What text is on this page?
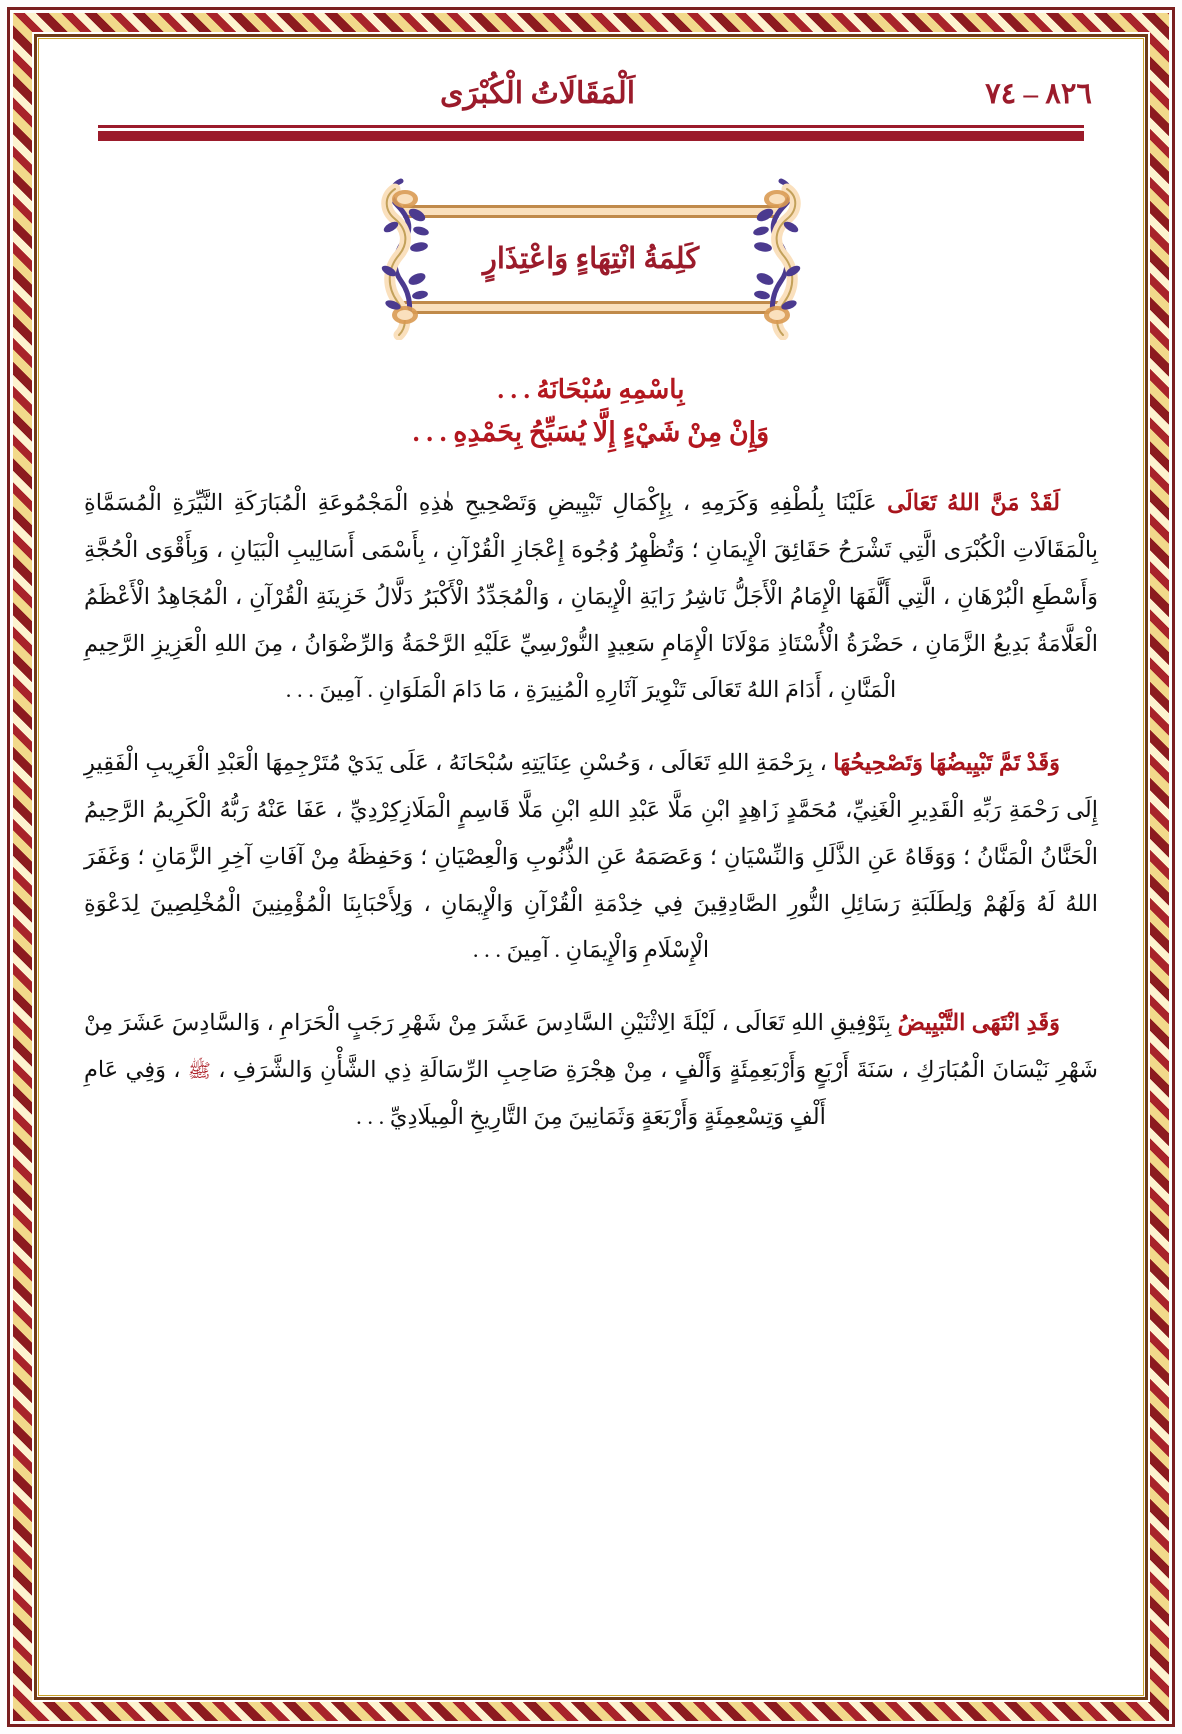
٨٢٦ – ٧٤
اَلْمَقَالَاتُ الْكُبْرَى
كَلِمَةُ انْتِهَاءٍ وَاعْتِذَارٍ
بِاسْمِهِ سُبْحَانَهُ . . .
وَإِنْ مِنْ شَيْءٍ إِلَّا يُسَبِّحُ بِحَمْدِهِ . . .

لَقَدْ مَنَّ اللهُ تَعَالَى عَلَيْنَا بِلُطْفِهِ وَكَرَمِهِ ، بِإِكْمَالِ تَبْيِيضِ وَتَصْحِيحِ هٰذِهِ الْمَجْمُوعَةِ الْمُبَارَكَةِ النَّيِّرَةِ الْمُسَمَّاةِ بِالْمَقَالَاتِ الْكُبْرَى الَّتِي تَشْرَحُ حَقَائِقَ الْإِيمَانِ ؛ وَتُظْهِرُ وُجُوهَ إِعْجَازِ الْقُرْآنِ ، بِأَسْمَى أَسَالِيبِ الْبَيَانِ ، وَبِأَقْوَى الْحُجَّةِ وَأَسْطَعِ الْبُرْهَانِ ، الَّتِي أَلَّفَهَا الْإِمَامُ الْأَجَلُّ نَاشِرُ رَايَةِ الْإِيمَانِ ، وَالْمُجَدِّدُ الْأَكْبَرُ دَلَّالُ خَزِينَةِ الْقُرْآنِ ، الْمُجَاهِدُ الْأَعْظَمُ الْعَلَّامَةُ بَدِيعُ الزَّمَانِ ، حَضْرَةُ الْأُسْتَاذِ مَوْلَانَا الْإِمَامِ سَعِيدٍ النُّورْسِيِّ عَلَيْهِ الرَّحْمَةُ وَالرِّضْوَانُ ، مِنَ اللهِ الْعَزِيزِ الرَّحِيمِ الْمَنَّانِ ، أَدَامَ اللهُ تَعَالَى تَنْوِيرَ آثَارِهِ الْمُنِيرَةِ ، مَا دَامَ الْمَلَوَانِ . آمِينَ . . .

وَقَدْ تَمَّ تَبْيِيضُهَا وَتَصْحِيحُهَا ، بِرَحْمَةِ اللهِ تَعَالَى ، وَحُسْنِ عِنَايَتِهِ سُبْحَانَهُ ، عَلَى يَدَيْ مُتَرْجِمِهَا الْعَبْدِ الْغَرِيبِ الْفَقِيرِ إِلَى رَحْمَةِ رَبِّهِ الْقَدِيرِ الْغَنِيِّ، مُحَمَّدٍ زَاهِدٍ ابْنِ مَلَّا عَبْدِ اللهِ ابْنِ مَلَّا قَاسِمٍ الْمَلَازِكِرْدِيِّ ، عَفَا عَنْهُ رَبُّهُ الْكَرِيمُ الرَّحِيمُ الْحَنَّانُ الْمَنَّانُ ؛ وَوَقَاهُ عَنِ الذَّلَلِ وَالنِّسْيَانِ ؛ وَعَصَمَهُ عَنِ الذُّنُوبِ وَالْعِصْيَانِ ؛ وَحَفِظَهُ مِنْ آفَاتِ آخِرِ الزَّمَانِ ؛ وَغَفَرَ اللهُ لَهُ وَلَهُمْ وَلِطَلَبَةِ رَسَائِلِ النُّورِ الصَّادِقِينَ فِي خِدْمَةِ الْقُرْآنِ وَالْإِيمَانِ ، وَلِأَحْبَابِنَا الْمُؤْمِنِينَ الْمُخْلِصِينَ لِدَعْوَةِ الْإِسْلَامِ وَالْإِيمَانِ . آمِينَ . . .

وَقَدِ انْتَهَى التَّبْيِيضُ بِتَوْفِيقِ اللهِ تَعَالَى ، لَيْلَةَ الِاثْنَيْنِ السَّادِسَ عَشَرَ مِنْ شَهْرِ رَجَبٍ الْحَرَامِ ، وَالسَّادِسَ عَشَرَ مِنْ شَهْرِ نَيْسَانَ الْمُبَارَكِ ، سَنَةَ أَرْبَعٍ وَأَرْبَعِمِئَةٍ وَأَلْفٍ ، مِنْ هِجْرَةِ صَاحِبِ الرِّسَالَةِ ذِي الشَّأْنِ وَالشَّرَفِ ، ﷺ ، وَفِي عَامِ أَلْفٍ وَتِسْعِمِئَةٍ وَأَرْبَعَةٍ وَثَمَانِينَ مِنَ التَّارِيخِ الْمِيلَادِيِّ . . .
